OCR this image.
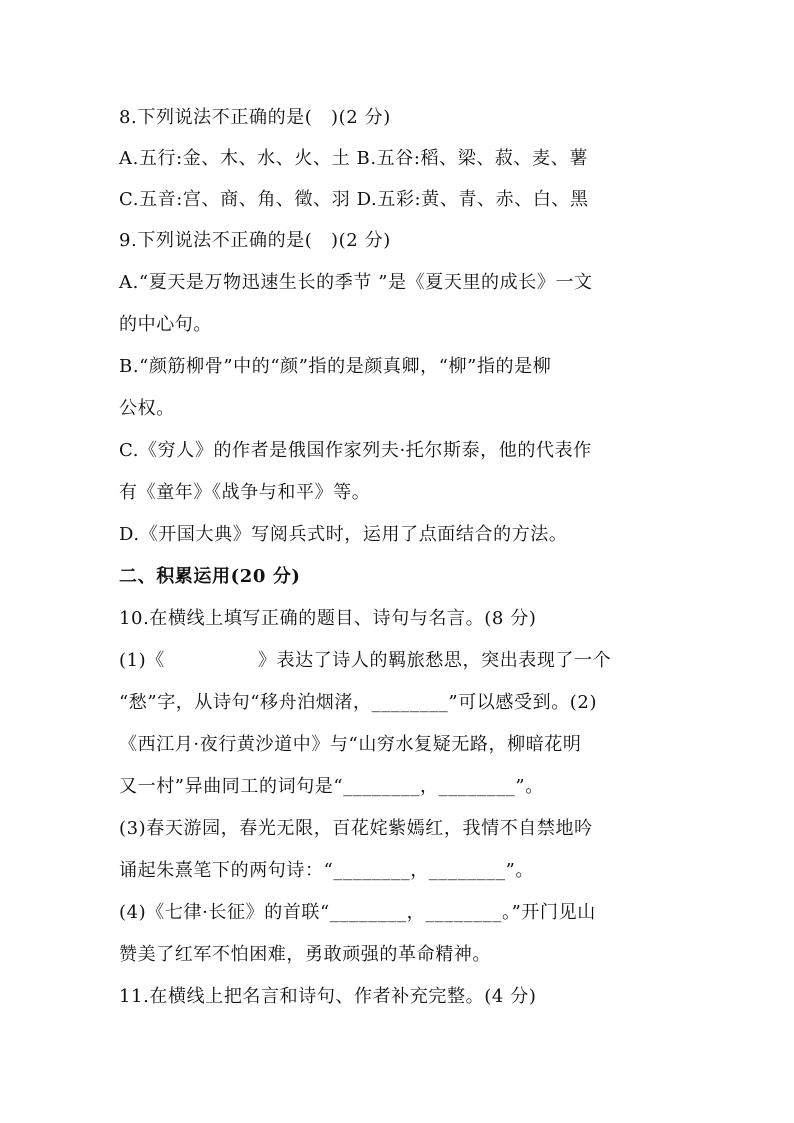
8.下列说法不正确的是(　)(2 分)
A.五行:金、木、水、火、土 B.五谷:稻、梁、菽、麦、薯
C.五音:宫、商、角、徵、羽 D.五彩:黄、青、赤、白、黑
9.下列说法不正确的是(　)(2 分)
A.“夏天是万物迅速生长的季节 ”是《夏天里的成长》一文
的中心句。
B.“颜筋柳骨”中的“颜”指的是颜真卿，“柳”指的是柳
公权。
C.《穷人》的作者是俄国作家列夫·托尔斯泰，他的代表作
有《童年》《战争与和平》等。
D.《开国大典》写阅兵式时，运用了点面结合的方法。
二、积累运用(20 分)
10.在横线上填写正确的题目、诗句与名言。(8 分)
(1)《　　　　　》表达了诗人的羁旅愁思，突出表现了一个
“愁”字，从诗句“移舟泊烟渚，________”可以感受到。(2)
《西江月·夜行黄沙道中》与“山穷水复疑无路，柳暗花明
又一村”异曲同工的词句是“________，________”。
(3)春天游园，春光无限，百花姹紫嫣红，我情不自禁地吟
诵起朱熹笔下的两句诗：“________，________”。
(4)《七律·长征》的首联“________，________。”开门见山
赞美了红军不怕困难，勇敢顽强的革命精神。
11.在横线上把名言和诗句、作者补充完整。(4 分)
